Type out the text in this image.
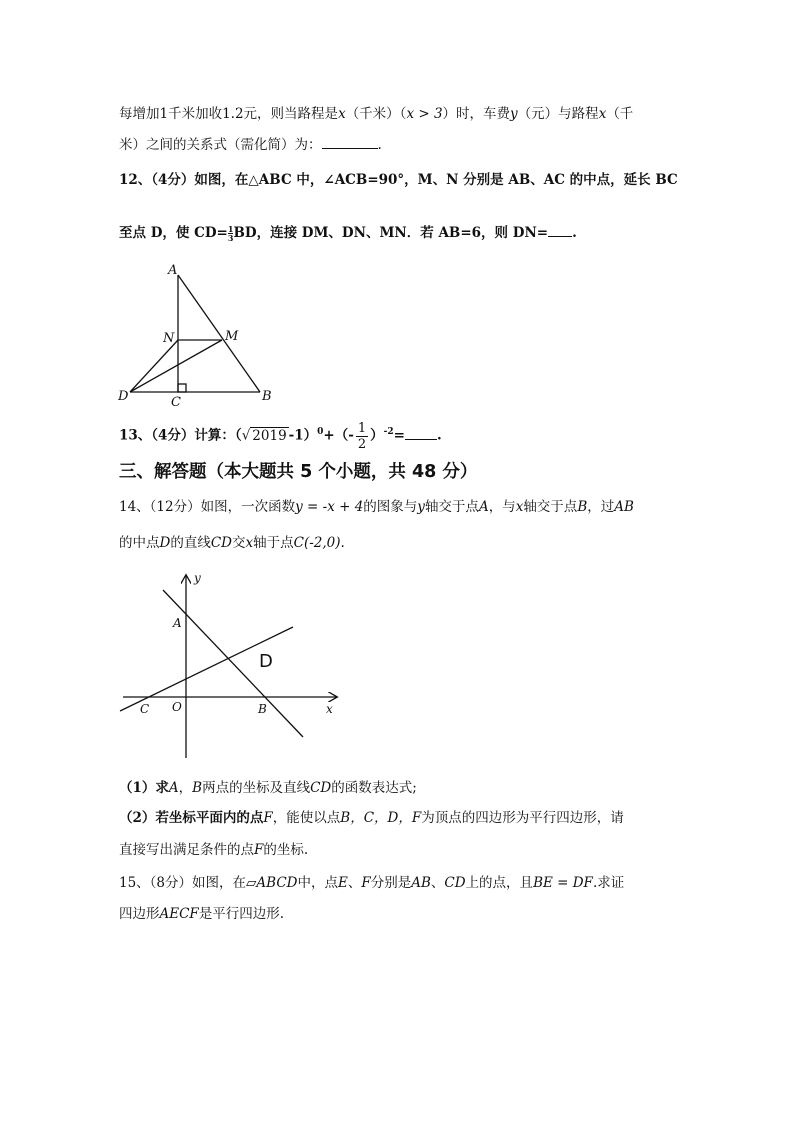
每增加1千米加收1.2元，则当路程是x（千米）（x > 3）时，车费y（元）与路程x（千
米）之间的关系式（需化简）为：	.
12、（4分）如图，在△ABC 中，∠ACB=90°，M、N 分别是 AB、AC 的中点，延长 BC
至点 D，使 $CD= \frac{1}{3}$ BD，连接 DM、DN、MN．若 AB=6，则 DN= .
A
N	M
D	C	B
13、（4分）计算：（√ 2019 $-1)^0+(- \frac{1}{2} )^{-2}=$ .
三、解答题（本大题共 5 个小题，共 48 分）
14、（12分）如图，一次函数y = -x + 4的图象与y轴交于点A，与x轴交于点B，过AB
的中点D的直线CD交x轴于点C(-2,0).
y
A
C O	B	x
D
（1）求A，B两点的坐标及直线CD的函数表达式;
（2）若坐标平面内的点F，能使以点B，C，D，F为顶点的四边形为平行四边形，请
直接写出满足条件的点F的坐标.
15、（8分）如图，在▱ABCD中，点E、F分别是AB、CD上的点，且BE = DF.求证
四边形AECF是平行四边形.
